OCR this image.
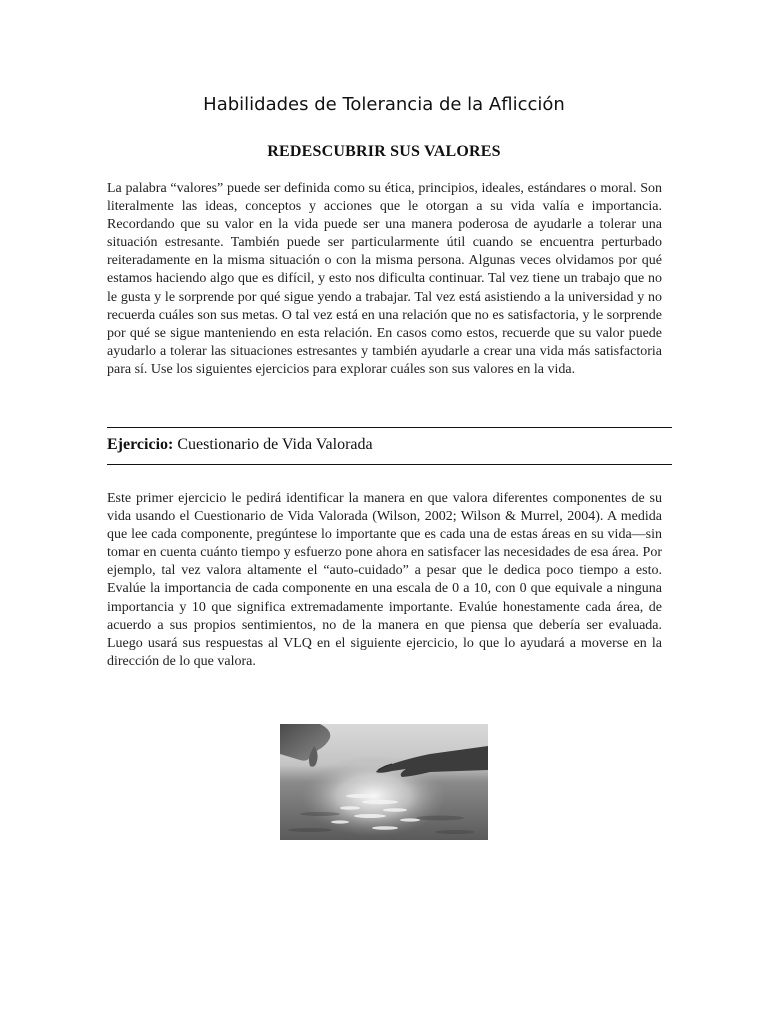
Habilidades de Tolerancia de la Aflicción
REDESCUBRIR SUS VALORES

La palabra “valores” puede ser definida como su ética, principios, ideales, estándares o moral. Son literalmente las ideas, conceptos y acciones que le otorgan a su vida valía e importancia. Recordando que su valor en la vida puede ser una manera poderosa de ayudarle a tolerar una situación estresante. También puede ser particularmente útil cuando se encuentra perturbado reiteradamente en la misma situación o con la misma persona. Algunas veces olvidamos por qué estamos haciendo algo que es difícil, y esto nos dificulta continuar. Tal vez tiene un trabajo que no le gusta y le sorprende por qué sigue yendo a trabajar. Tal vez está asistiendo a la universidad y no recuerda cuáles son sus metas. O tal vez está en una relación que no es satisfactoria, y le sorprende por qué se sigue manteniendo en esta relación. En casos como estos, recuerde que su valor puede ayudarlo a tolerar las situaciones estresantes y también ayudarle a crear una vida más satisfactoria para sí. Use los siguientes ejercicios para explorar cuáles son sus valores en la vida.

Ejercicio: Cuestionario de Vida Valorada

Este primer ejercicio le pedirá identificar la manera en que valora diferentes componentes de su vida usando el Cuestionario de Vida Valorada (Wilson, 2002; Wilson & Murrel, 2004). A medida que lee cada componente, pregúntese lo importante que es cada una de estas áreas en su vida—sin tomar en cuenta cuánto tiempo y esfuerzo pone ahora en satisfacer las necesidades de esa área. Por ejemplo, tal vez valora altamente el “auto-cuidado” a pesar que le dedica poco tiempo a esto. Evalúe la importancia de cada componente en una escala de 0 a 10, con 0 que equivale a ninguna importancia y 10 que significa extremadamente importante. Evalúe honestamente cada área, de acuerdo a sus propios sentimientos, no de la manera en que piensa que debería ser evaluada. Luego usará sus respuestas al VLQ en el siguiente ejercicio, lo que lo ayudará a moverse en la dirección de lo que valora.
